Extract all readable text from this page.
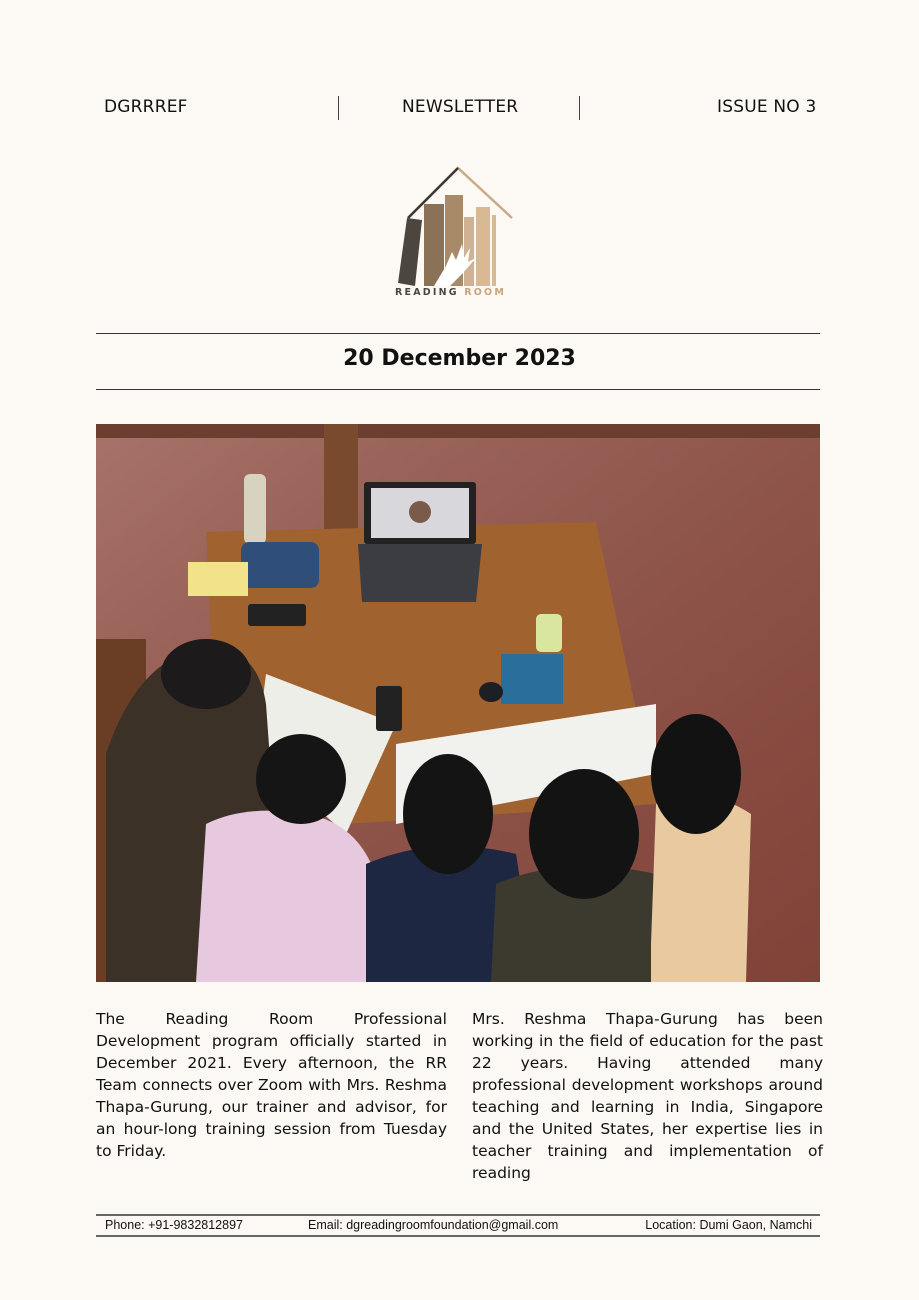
DGRRREF	NEWSLETTER	ISSUE NO 3
READING ROOM
20 December 2023

The Reading Room Professional Development program officially started in December 2021. Every afternoon, the RR Team connects over Zoom with Mrs. Reshma Thapa-Gurung, our trainer and advisor, for an hour-long training session from Tuesday to Friday.

Mrs. Reshma Thapa-Gurung has been working in the field of education for the past 22 years. Having attended many professional development workshops around teaching and learning in India, Singapore and the United States, her expertise lies in teacher training and implementation of reading

Phone: +91-9832812897	Email: dgreadingroomfoundation@gmail.com	Location: Dumi Gaon, Namchi
